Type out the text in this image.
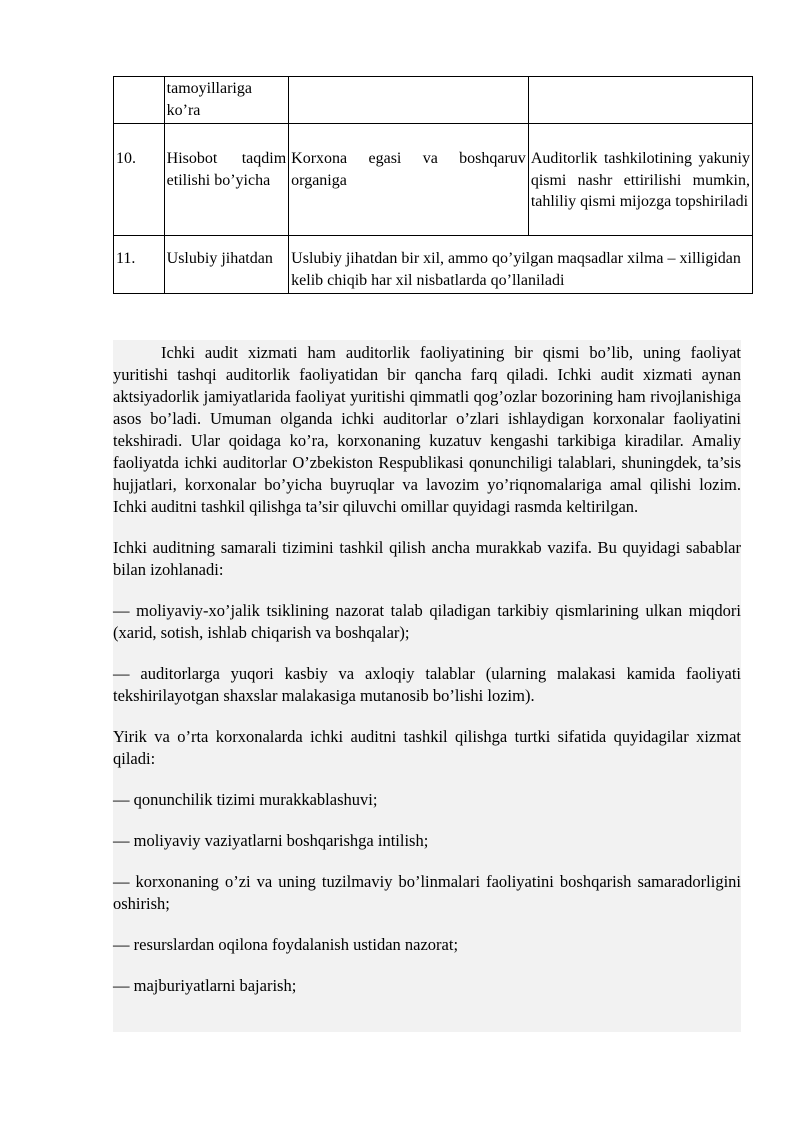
	tamoyillariga ko’ra		
10.	Hisobot taqdim etilishi bo’yicha	Korxona egasi va boshqaruv organiga	Auditorlik tashkilotining yakuniy qismi nashr ettirilishi mumkin, tahliliy qismi mijozga topshiriladi
11.	Uslubiy jihatdan	Uslubiy jihatdan bir xil, ammo qo’yilgan maqsadlar xilma – xilligidan kelib chiqib har xil nisbatlarda qo’llaniladi	

Ichki audit xizmati ham auditorlik faoliyatining bir qismi bo’lib, uning faoliyat yuritishi tashqi auditorlik faoliyatidan bir qancha farq qiladi. Ichki audit xizmati aynan aktsiyadorlik jamiyatlarida faoliyat yuritishi qimmatli qog’ozlar bozorining ham rivojlanishiga asos bo’ladi. Umuman olganda ichki auditorlar o’zlari ishlaydigan korxonalar faoliyatini tekshiradi. Ular qoidaga ko’ra, korxonaning kuzatuv kengashi tarkibiga kiradilar. Amaliy faoliyatda ichki auditorlar O’zbekiston Respublikasi qonunchiligi talablari, shuningdek, ta’sis hujjatlari, korxonalar bo’yicha buyruqlar va lavozim yo’riqnomalariga amal qilishi lozim. Ichki auditni tashkil qilishga ta’sir qiluvchi omillar quyidagi rasmda keltirilgan.

Ichki auditning samarali tizimini tashkil qilish ancha murakkab vazifa. Bu quyidagi sabablar bilan izohlanadi:

— moliyaviy-xo’jalik tsiklining nazorat talab qiladigan tarkibiy qismlarining ulkan miqdori (xarid, sotish, ishlab chiqarish va boshqalar);

— auditorlarga yuqori kasbiy va axloqiy talablar (ularning malakasi kamida faoliyati tekshirilayotgan shaxslar malakasiga mutanosib bo’lishi lozim).

Yirik va o’rta korxonalarda ichki auditni tashkil qilishga turtki sifatida quyidagilar xizmat qiladi:

— qonunchilik tizimi murakkablashuvi;

— moliyaviy vaziyatlarni boshqarishga intilish;

— korxonaning o’zi va uning tuzilmaviy bo’linmalari faoliyatini boshqarish samaradorligini oshirish;

— resurslardan oqilona foydalanish ustidan nazorat;

— majburiyatlarni bajarish;
